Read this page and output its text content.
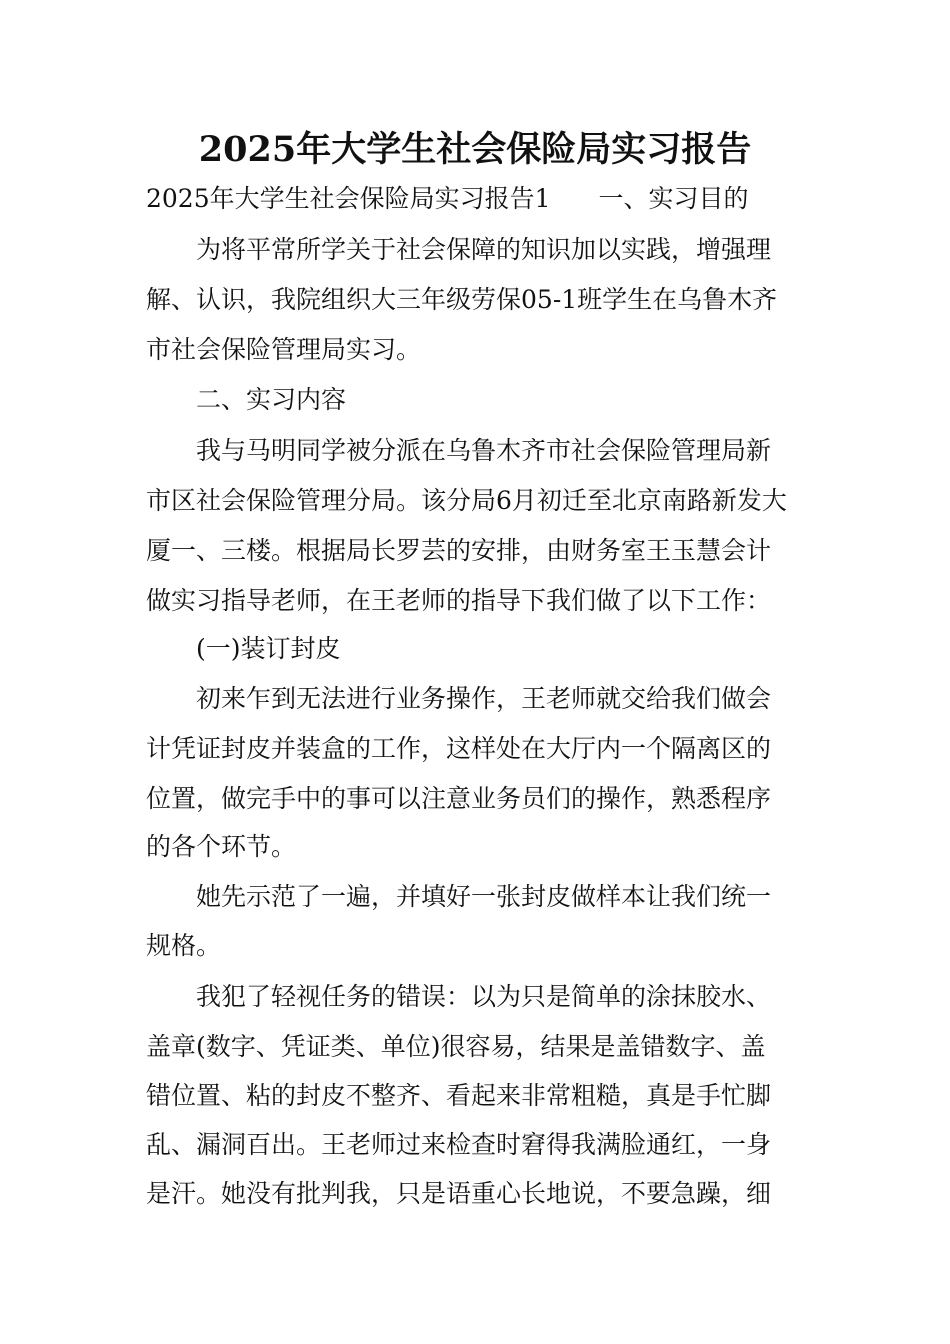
2025年大学生社会保险局实习报告
2025年大学生社会保险局实习报告1 一、实习目的
为将平常所学关于社会保障的知识加以实践，增强理
解、认识，我院组织大三年级劳保05-1班学生在乌鲁木齐
市社会保险管理局实习。
二、实习内容
我与马明同学被分派在乌鲁木齐市社会保险管理局新
市区社会保险管理分局。该分局6月初迁至北京南路新发大
厦一、三楼。根据局长罗芸的安排，由财务室王玉慧会计
做实习指导老师，在王老师的指导下我们做了以下工作：
(一)装订封皮
初来乍到无法进行业务操作，王老师就交给我们做会
计凭证封皮并装盒的工作，这样处在大厅内一个隔离区的
位置，做完手中的事可以注意业务员们的操作，熟悉程序
的各个环节。
她先示范了一遍，并填好一张封皮做样本让我们统一
规格。
我犯了轻视任务的错误：以为只是简单的涂抹胶水、
盖章(数字、凭证类、单位)很容易，结果是盖错数字、盖
错位置、粘的封皮不整齐、看起来非常粗糙，真是手忙脚
乱、漏洞百出。王老师过来检查时窘得我满脸通红，一身
是汗。她没有批判我，只是语重心长地说，不要急躁，细
